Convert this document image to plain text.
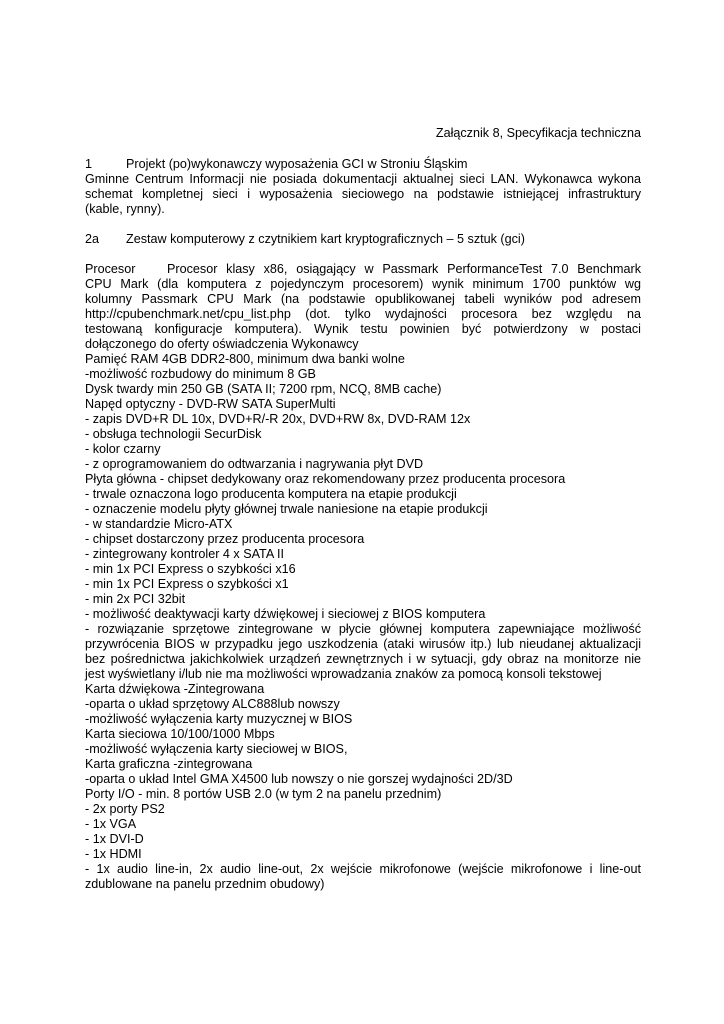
Załącznik 8, Specyfikacja techniczna
1	Projekt (po)wykonawczy wyposażenia GCI w Stroniu Śląskim
Gminne Centrum Informacji nie posiada dokumentacji aktualnej sieci LAN. Wykonawca wykona
schemat kompletnej sieci i wyposażenia sieciowego na podstawie istniejącej infrastruktury
(kable, rynny).
2a Zestaw komputerowy z czytnikiem kart kryptograficznych – 5 sztuk (gci)
Procesor	Procesor klasy x86, osiągający w Passmark PerformanceTest 7.0 Benchmark
CPU Mark (dla komputera z pojedynczym procesorem) wynik minimum 1700 punktów wg
kolumny Passmark CPU Mark (na podstawie opublikowanej tabeli wyników pod adresem
http://cpubenchmark.net/cpu_list.php (dot. tylko wydajności procesora bez względu na
testowaną konfiguracje komputera). Wynik testu powinien być potwierdzony w postaci
dołączonego do oferty oświadczenia Wykonawcy
Pamięć RAM 4GB DDR2-800, minimum dwa banki wolne
-możliwość rozbudowy do minimum 8 GB
Dysk twardy min 250 GB (SATA II; 7200 rpm, NCQ, 8MB cache)
Napęd optyczny - DVD-RW SATA SuperMulti
- zapis DVD+R DL 10x, DVD+R/-R 20x, DVD+RW 8x, DVD-RAM 12x
- obsługa technologii SecurDisk
- kolor czarny
- z oprogramowaniem do odtwarzania i nagrywania płyt DVD
Płyta główna - chipset dedykowany oraz rekomendowany przez producenta procesora
- trwale oznaczona logo producenta komputera na etapie produkcji
- oznaczenie modelu płyty głównej trwale naniesione na etapie produkcji
- w standardzie Micro-ATX
- chipset dostarczony przez producenta procesora
- zintegrowany kontroler 4 x SATA II
- min 1x PCI Express o szybkości x16
- min 1x PCI Express o szybkości x1
- min 2x PCI 32bit
- możliwość deaktywacji karty dźwiękowej i sieciowej z BIOS komputera
- rozwiązanie sprzętowe zintegrowane w płycie głównej komputera zapewniające możliwość
przywrócenia BIOS w przypadku jego uszkodzenia (ataki wirusów itp.) lub nieudanej aktualizacji
bez pośrednictwa jakichkolwiek urządzeń zewnętrznych i w sytuacji, gdy obraz na monitorze nie
jest wyświetlany i/lub nie ma możliwości wprowadzania znaków za pomocą konsoli tekstowej
Karta dźwiękowa -Zintegrowana
-oparta o układ sprzętowy ALC888lub nowszy
-możliwość wyłączenia karty muzycznej w BIOS
Karta sieciowa 10/100/1000 Mbps
-możliwość wyłączenia karty sieciowej w BIOS,
Karta graficzna -zintegrowana
-oparta o układ Intel GMA X4500 lub nowszy o nie gorszej wydajności 2D/3D
Porty I/O - min. 8 portów USB 2.0 (w tym 2 na panelu przednim)
- 2x porty PS2
- 1x VGA
- 1x DVI-D
- 1x HDMI
- 1x audio line-in, 2x audio line-out, 2x wejście mikrofonowe (wejście mikrofonowe i line-out
zdublowane na panelu przednim obudowy)
